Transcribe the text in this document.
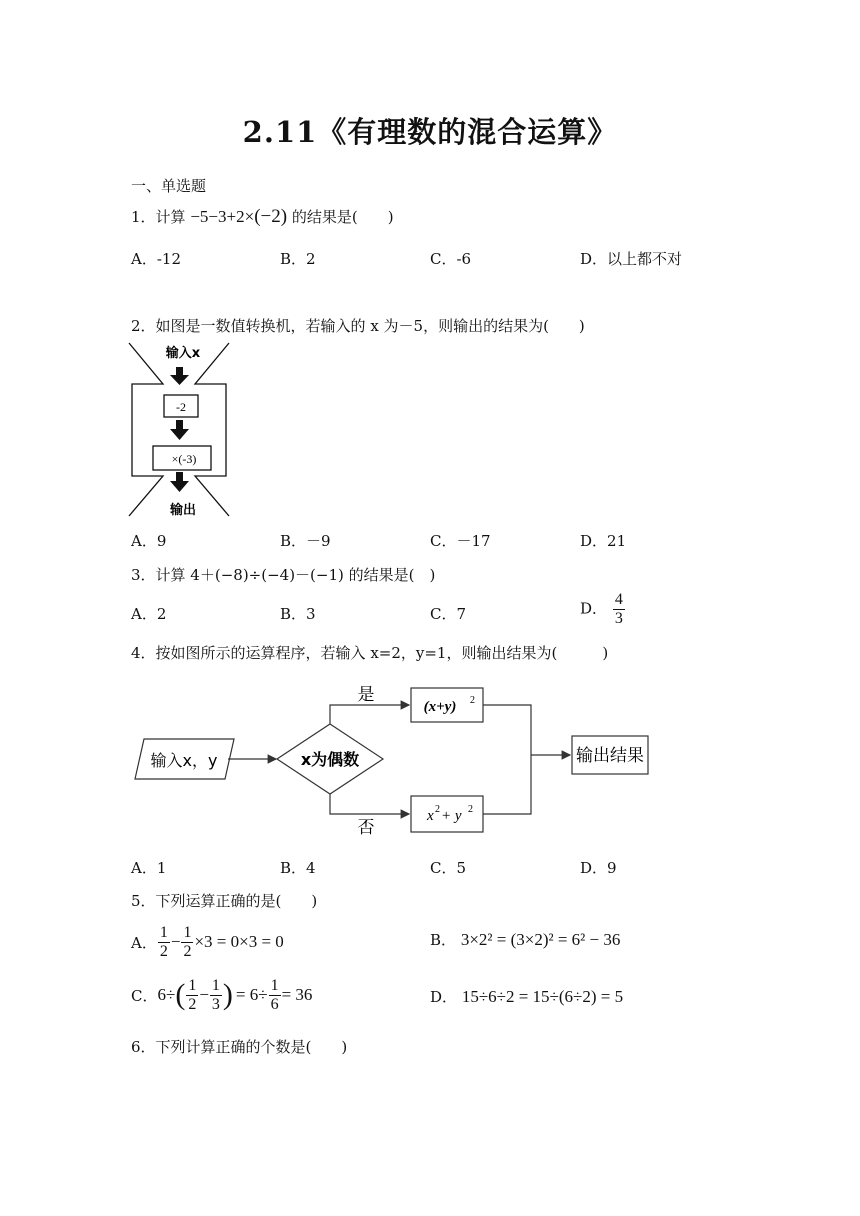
2.11《有理数的混合运算》
一、单选题
1．计算 −5−3+2×(−2) 的结果是(　　)
A．-12	B．2	C．-6	D．以上都不对
2．如图是一数值转换机，若输入的 x 为－5，则输出的结果为(　　)
输入x
-2
×(-3)
输出
A．9	B．－9	C．－17	D．21
3．计算 4＋(−8)÷(−4)－(−1) 的结果是(　)
A．2	B．3	C．7	D． $\frac{4}{3}$
4．按如图所示的运算程序，若输入 x=2，y=1，则输出结果为(　　　)
输入x，y	x为偶数
是
否
(x+y) 2
x 2 + y 2
输出结果
A．1	B．4	C．5	D．9
5．下列运算正确的是(　　)
A． $\frac{1}{2} - \frac{1}{2} \times 3 = 0\times 3 = 0$	B． 3×2² = (3×2)² = 6² − 36
C． 6÷ ( $\frac{1}{2} - \frac{1}{3}$ ) = $6\div \frac{1}{6} = 36$	D． 15÷6÷2 = 15÷(6÷2) = 5
6．下列计算正确的个数是(　　)
